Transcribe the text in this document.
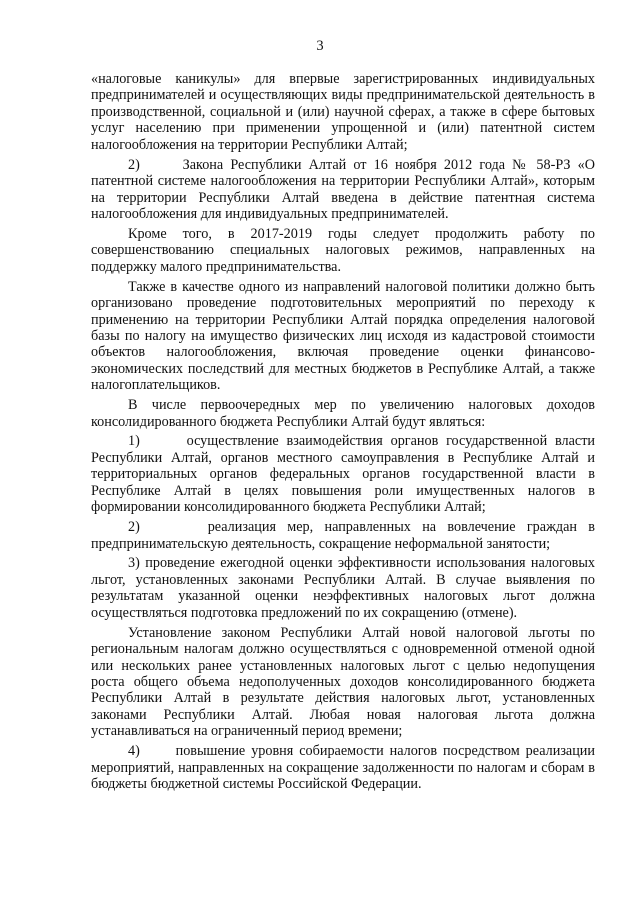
3

«налоговые каникулы» для впервые зарегистрированных индивидуальных предпринимателей и осуществляющих виды предпринимательской деятельность в производственной, социальной и (или) научной сферах, а также в сфере бытовых услуг населению при применении упрощенной и (или) патентной систем налогообложения на территории Республики Алтай;

2)      Закона Республики Алтай от 16 ноября 2012 года № 58-РЗ «О патентной системе налогообложения на территории Республики Алтай», которым на территории Республики Алтай введена в действие патентная система налогообложения для индивидуальных предпринимателей.

Кроме того, в 2017-2019 годы следует продолжить работу по совершенствованию специальных налоговых режимов, направленных на поддержку малого предпринимательства.

Также в качестве одного из направлений налоговой политики должно быть организовано проведение подготовительных мероприятий по переходу к применению на территории Республики Алтай порядка определения налоговой базы по налогу на имущество физических лиц исходя из кадастровой стоимости объектов налогообложения, включая проведение оценки финансово-экономических последствий для местных бюджетов в Республике Алтай, а также налогоплательщиков.

В числе первоочередных мер по увеличению налоговых доходов консолидированного бюджета Республики Алтай будут являться:

1)      осуществление взаимодействия органов государственной власти Республики Алтай, органов местного самоуправления в Республике Алтай и территориальных органов федеральных органов государственной власти в Республике Алтай в целях повышения роли имущественных налогов в формировании консолидированного бюджета Республики Алтай;

2)      реализация мер, направленных на вовлечение граждан в предпринимательскую деятельность, сокращение неформальной занятости;

3) проведение ежегодной оценки эффективности использования налоговых льгот, установленных законами Республики Алтай. В случае выявления по результатам указанной оценки неэффективных налоговых льгот должна осуществляться подготовка предложений по их сокращению (отмене).

Установление законом Республики Алтай новой налоговой льготы по региональным налогам должно осуществляться с одновременной отменой одной или нескольких ранее установленных налоговых льгот с целью недопущения роста общего объема недополученных доходов консолидированного бюджета Республики Алтай в результате действия налоговых льгот, установленных законами Республики Алтай. Любая новая налоговая льгота должна устанавливаться на ограниченный период времени;

4)      повышение уровня собираемости налогов посредством реализации мероприятий, направленных на сокращение задолженности по налогам и сборам в бюджеты бюджетной системы Российской Федерации.
